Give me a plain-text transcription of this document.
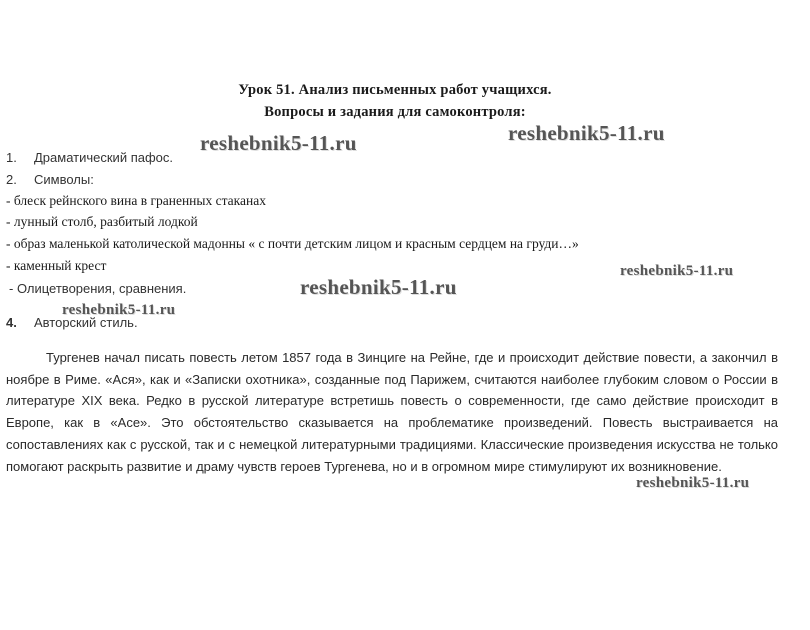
Урок 51. Анализ письменных работ учащихся.
Вопросы и задания для самоконтроля:
1. Драматический пафос.
2. Символы:
- блеск рейнского вина в граненных стаканах
- лунный столб, разбитый лодкой
- образ маленькой католической мадонны « с почти детским лицом и красным сердцем на груди…»
- каменный крест
- Олицетворения, сравнения.
4. Авторский стиль.

Тургенев начал писать повесть летом 1857 года в Зинциге на Рейне, где и происходит действие повести, а закончил в ноябре в Риме. «Ася», как и «Записки охотника», созданные под Парижем, считаются наиболее глубоким словом о России в литературе XIX века. Редко в русской литературе встретишь повесть о современности, где само действие происходит в Европе, как в «Асе». Это обстоятельство сказывается на проблематике произведений. Повесть выстраивается на сопоставлениях как с русской, так и с немецкой литературными традициями. Классические произведения искусства не только помогают раскрыть развитие и драму чувств героев Тургенева, но и в огромном мире стимулируют их возникновение.

reshebnik5-11.ru	reshebnik5-11.ru
reshebnik5-11.ru
reshebnik5-11.ru
reshebnik5-11.ru
reshebnik5-11.ru
